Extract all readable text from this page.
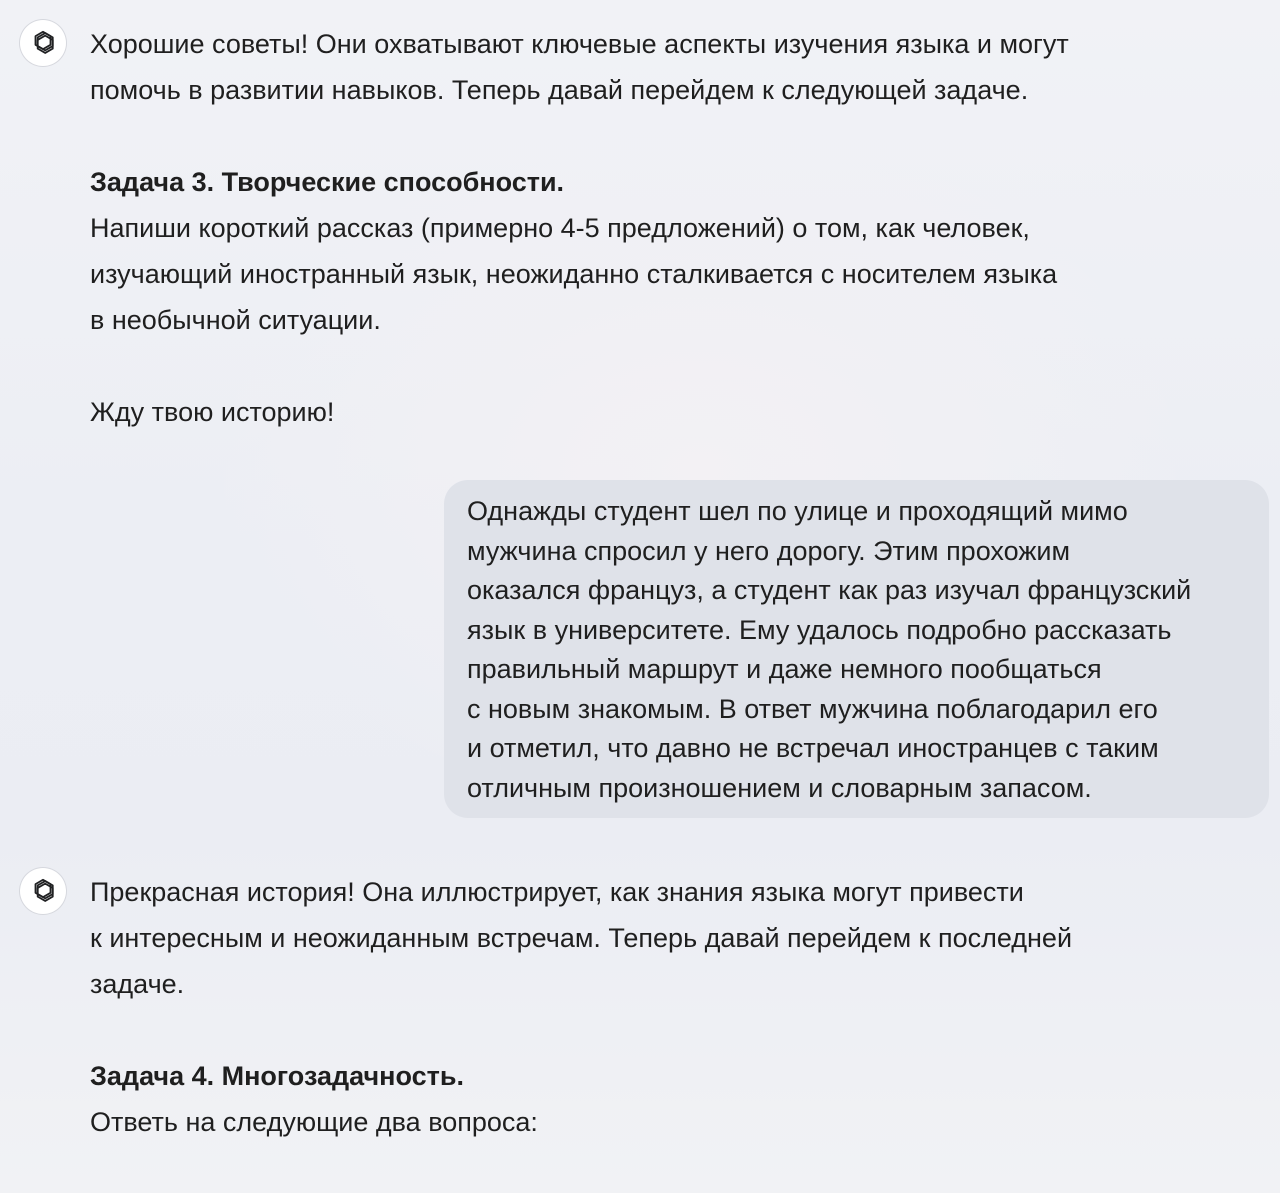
Хорошие советы! Они охватывают ключевые аспекты изучения языка и могут

помочь в развитии навыков. Теперь давай перейдем к следующей задаче.

Задача 3. Творческие способности.

Напиши короткий рассказ (примерно 4-5 предложений) о том, как человек,

изучающий иностранный язык, неожиданно сталкивается с носителем языка

в необычной ситуации.

Жду твою историю!

Однажды студент шел по улице и проходящий мимо

мужчина спросил у него дорогу. Этим прохожим

оказался француз, а студент как раз изучал французский

язык в университете. Ему удалось подробно рассказать

правильный маршрут и даже немного пообщаться

с новым знакомым. В ответ мужчина поблагодарил его

и отметил, что давно не встречал иностранцев с таким

отличным произношением и словарным запасом.

Прекрасная история! Она иллюстрирует, как знания языка могут привести

к интересным и неожиданным встречам. Теперь давай перейдем к последней

задаче.

Задача 4. Многозадачность.

Ответь на следующие два вопроса:
